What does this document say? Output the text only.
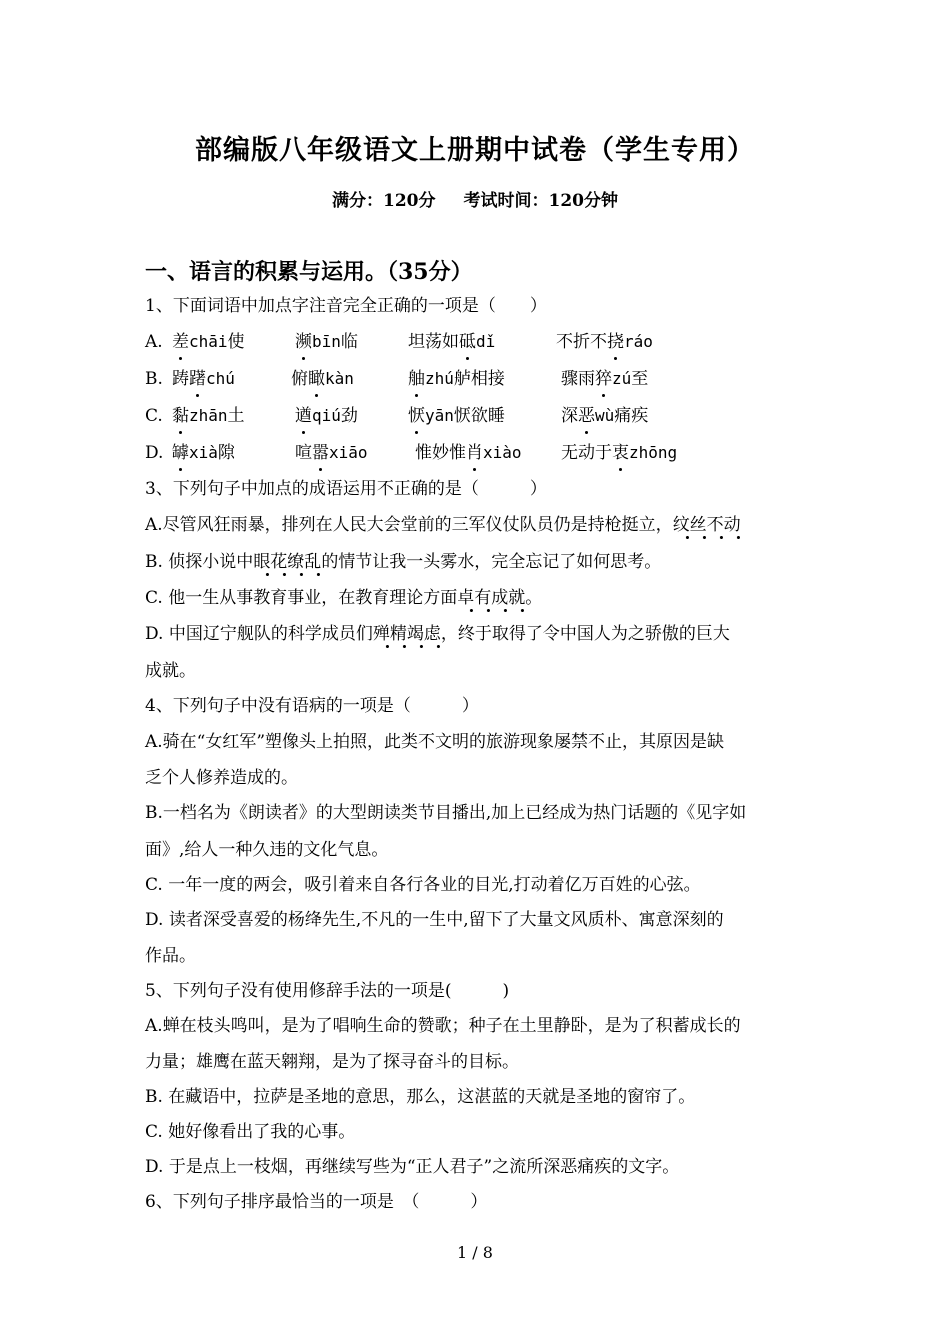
部编版八年级语文上册期中试卷（学生专用）
满分：120分 考试时间：120分钟
一、语言的积累与运用。（35分）
1、下面词语中加点字注音完全正确的一项是（　　）
A. 差chāi使	濒bīn临	坦荡如砥dǐ	不折不挠ráo
B. 踌躇chú	俯瞰kàn	舳zhú舻相接	骤雨猝zú至
C. 黏zhān土	遒qiú劲	恹yān恹欲睡	深恶wù痛疾
D. 罅xià隙	喧嚣xiāo	惟妙惟肖xiào 无动于衷zhōng
3、下列句子中加点的成语运用不正确的是（　　　）
A.尽管风狂雨暴，排列在人民大会堂前的三军仪仗队员仍是持枪挺立，纹丝不动
B. 侦探小说中眼花缭乱的情节让我一头雾水，完全忘记了如何思考。
C. 他一生从事教育事业，在教育理论方面卓有成就。
D. 中国辽宁舰队的科学成员们殚精竭虑，终于取得了令中国人为之骄傲的巨大
成就。
4、下列句子中没有语病的一项是（　　　）
A.骑在“女红军”塑像头上拍照，此类不文明的旅游现象屡禁不止，其原因是缺
乏个人修养造成的。
B.一档名为《朗读者》的大型朗读类节目播出,加上已经成为热门话题的《见字如
面》,给人一种久违的文化气息。
C. 一年一度的两会，吸引着来自各行各业的目光,打动着亿万百姓的心弦。
D. 读者深受喜爱的杨绛先生,不凡的一生中,留下了大量文风质朴、寓意深刻的
作品。
5、下列句子没有使用修辞手法的一项是(　　　)
A.蝉在枝头鸣叫，是为了唱响生命的赞歌；种子在土里静卧，是为了积蓄成长的
力量；雄鹰在蓝天翱翔，是为了探寻奋斗的目标。
B. 在藏语中，拉萨是圣地的意思，那么，这湛蓝的天就是圣地的窗帘了。
C. 她好像看出了我的心事。
D. 于是点上一枝烟，再继续写些为“正人君子”之流所深恶痛疾的文字。
6、下列句子排序最恰当的一项是　（　　　）
1 / 8
